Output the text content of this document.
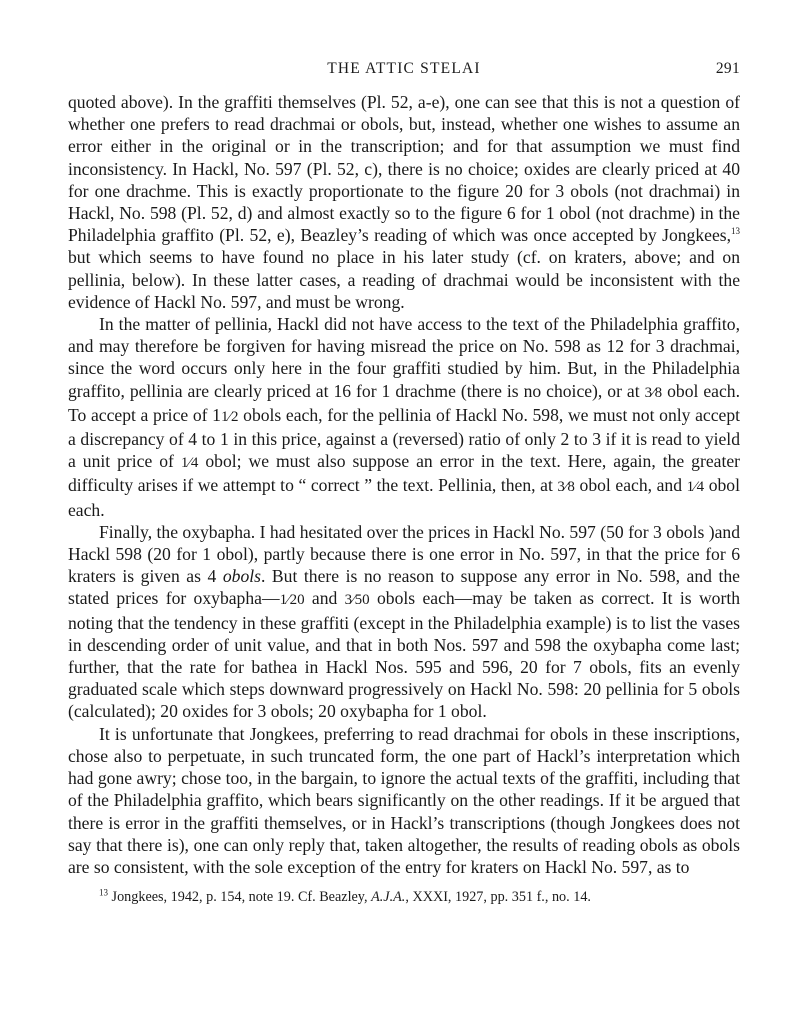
THE ATTIC STELAI	291

quoted above). In the graffiti themselves (Pl. 52, a-e), one can see that this is not a question of whether one prefers to read drachmai or obols, but, instead, whether one wishes to assume an error either in the original or in the transcription; and for that assumption we must find inconsistency. In Hackl, No. 597 (Pl. 52, c), there is no choice; oxides are clearly priced at 40 for one drachme. This is exactly proportionate to the figure 20 for 3 obols (not drachmai) in Hackl, No. 598 (Pl. 52, d) and almost exactly so to the figure 6 for 1 obol (not drachme) in the Philadelphia graffito (Pl. 52, e), Beazley’s reading of which was once accepted by Jongkees,$^{13}$ but which seems to have found no place in his later study (cf. on kraters, above; and on pellinia, below). In these latter cases, a reading of drachmai would be inconsistent with the evidence of Hackl No. 597, and must be wrong.

In the matter of pellinia, Hackl did not have access to the text of the Philadelphia graffito, and may therefore be forgiven for having misread the price on No. 598 as 12 for 3 drachmai, since the word occurs only here in the four graffiti studied by him. But, in the Philadelphia graffito, pellinia are clearly priced at 16 for 1 drachme (there is no choice), or at 3⁄8 obol each. To accept a price of 11⁄2 obols each, for the pellinia of Hackl No. 598, we must not only accept a discrepancy of 4 to 1 in this price, against a (reversed) ratio of only 2 to 3 if it is read to yield a unit price of 1⁄4 obol; we must also suppose an error in the text. Here, again, the greater difficulty arises if we attempt to “ correct ” the text. Pellinia, then, at 3⁄8 obol each, and 1⁄4 obol each.

Finally, the oxybapha. I had hesitated over the prices in Hackl No. 597 (50 for 3 obols )and Hackl 598 (20 for 1 obol), partly because there is one error in No. 597, in that the price for 6 kraters is given as 4 obols. But there is no reason to suppose any error in No. 598, and the stated prices for oxybapha—1⁄20 and 3⁄50 obols each—may be taken as correct. It is worth noting that the tendency in these graffiti (except in the Philadelphia example) is to list the vases in descending order of unit value, and that in both Nos. 597 and 598 the oxybapha come last; further, that the rate for bathea in Hackl Nos. 595 and 596, 20 for 7 obols, fits an evenly graduated scale which steps downward progressively on Hackl No. 598: 20 pellinia for 5 obols (calculated); 20 oxides for 3 obols; 20 oxybapha for 1 obol.

It is unfortunate that Jongkees, preferring to read drachmai for obols in these inscriptions, chose also to perpetuate, in such truncated form, the one part of Hackl’s interpretation which had gone awry; chose too, in the bargain, to ignore the actual texts of the graffiti, including that of the Philadelphia graffito, which bears significantly on the other readings. If it be argued that there is error in the graffiti themselves, or in Hackl’s transcriptions (though Jongkees does not say that there is), one can only reply that, taken altogether, the results of reading obols as obols are so consistent, with the sole exception of the entry for kraters on Hackl No. 597, as to

$^{13}$ Jongkees, 1942, p. 154, note 19. Cf. Beazley, A.J.A., XXXI, 1927, pp. 351 f., no. 14.
